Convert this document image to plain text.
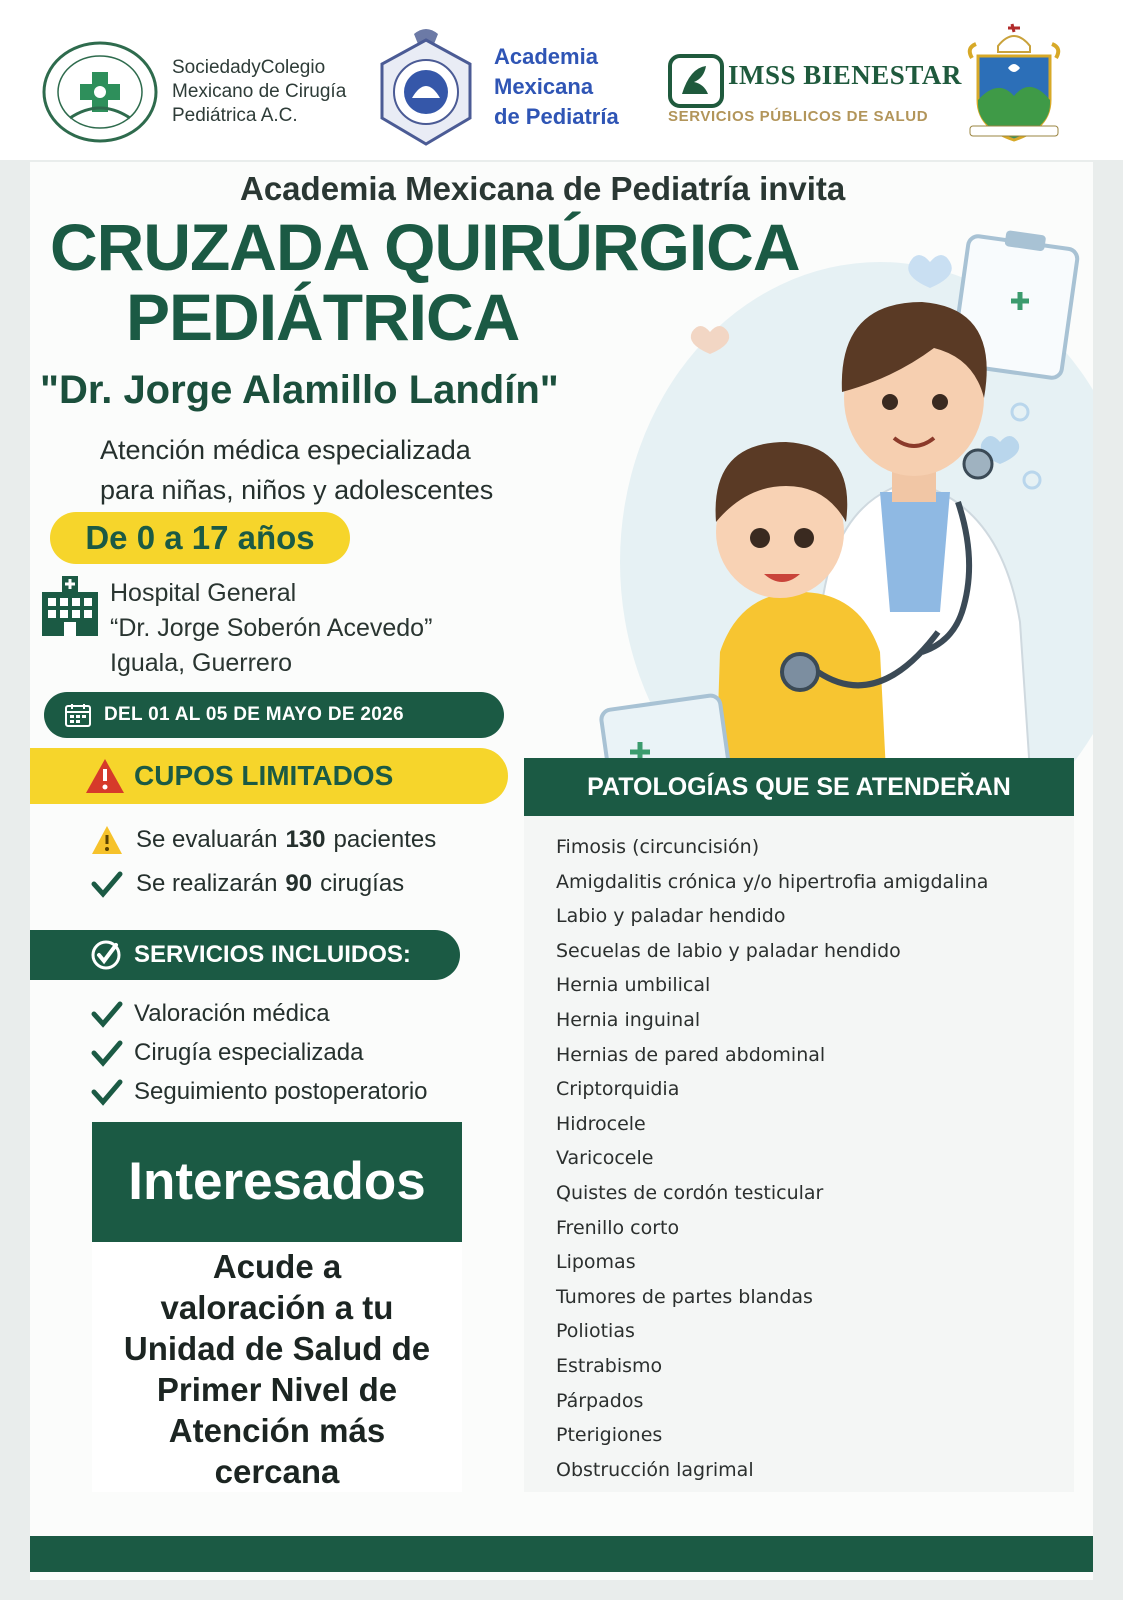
SociedadyColegio
Mexicano de Cirugía
Pediátrica A.C.
Academia
Mexicana
de Pediatría
IMSS BIENESTAR
SERVICIOS PÚBLICOS DE SALUD
Academia Mexicana de Pediatría invita
CRUZADA QUIRÚRGICA
PEDIÁTRICA
"Dr. Jorge Alamillo Landín"
Atención médica especializada
para niñas, niños y adolescentes
De 0 a 17 años
Hospital General
“Dr. Jorge Soberón Acevedo”
Iguala, Guerrero
DEL 01 AL 05 DE MAYO DE 2026
CUPOS LIMITADOS
Se evaluarán 130 pacientes
Se realizarán 90 cirugías
SERVICIOS INCLUIDOS:
Valoración médica
Cirugía especializada
Seguimiento postoperatorio
Interesados
Acude a
valoración a tu
Unidad de Salud de
Primer Nivel de
Atención más
cercana
PATOLOGÍAS QUE SE ATENDEŘAN
Fimosis (circuncisión)
Amigdalitis crónica y/o hipertrofia amigdalina
Labio y paladar hendido
Secuelas de labio y paladar hendido
Hernia umbilical
Hernia inguinal
Hernias de pared abdominal
Criptorquidia
Hidrocele
Varicocele
Quistes de cordón testicular
Frenillo corto
Lipomas
Tumores de partes blandas
Poliotias
Estrabismo
Párpados
Pterigiones
Obstrucción lagrimal
